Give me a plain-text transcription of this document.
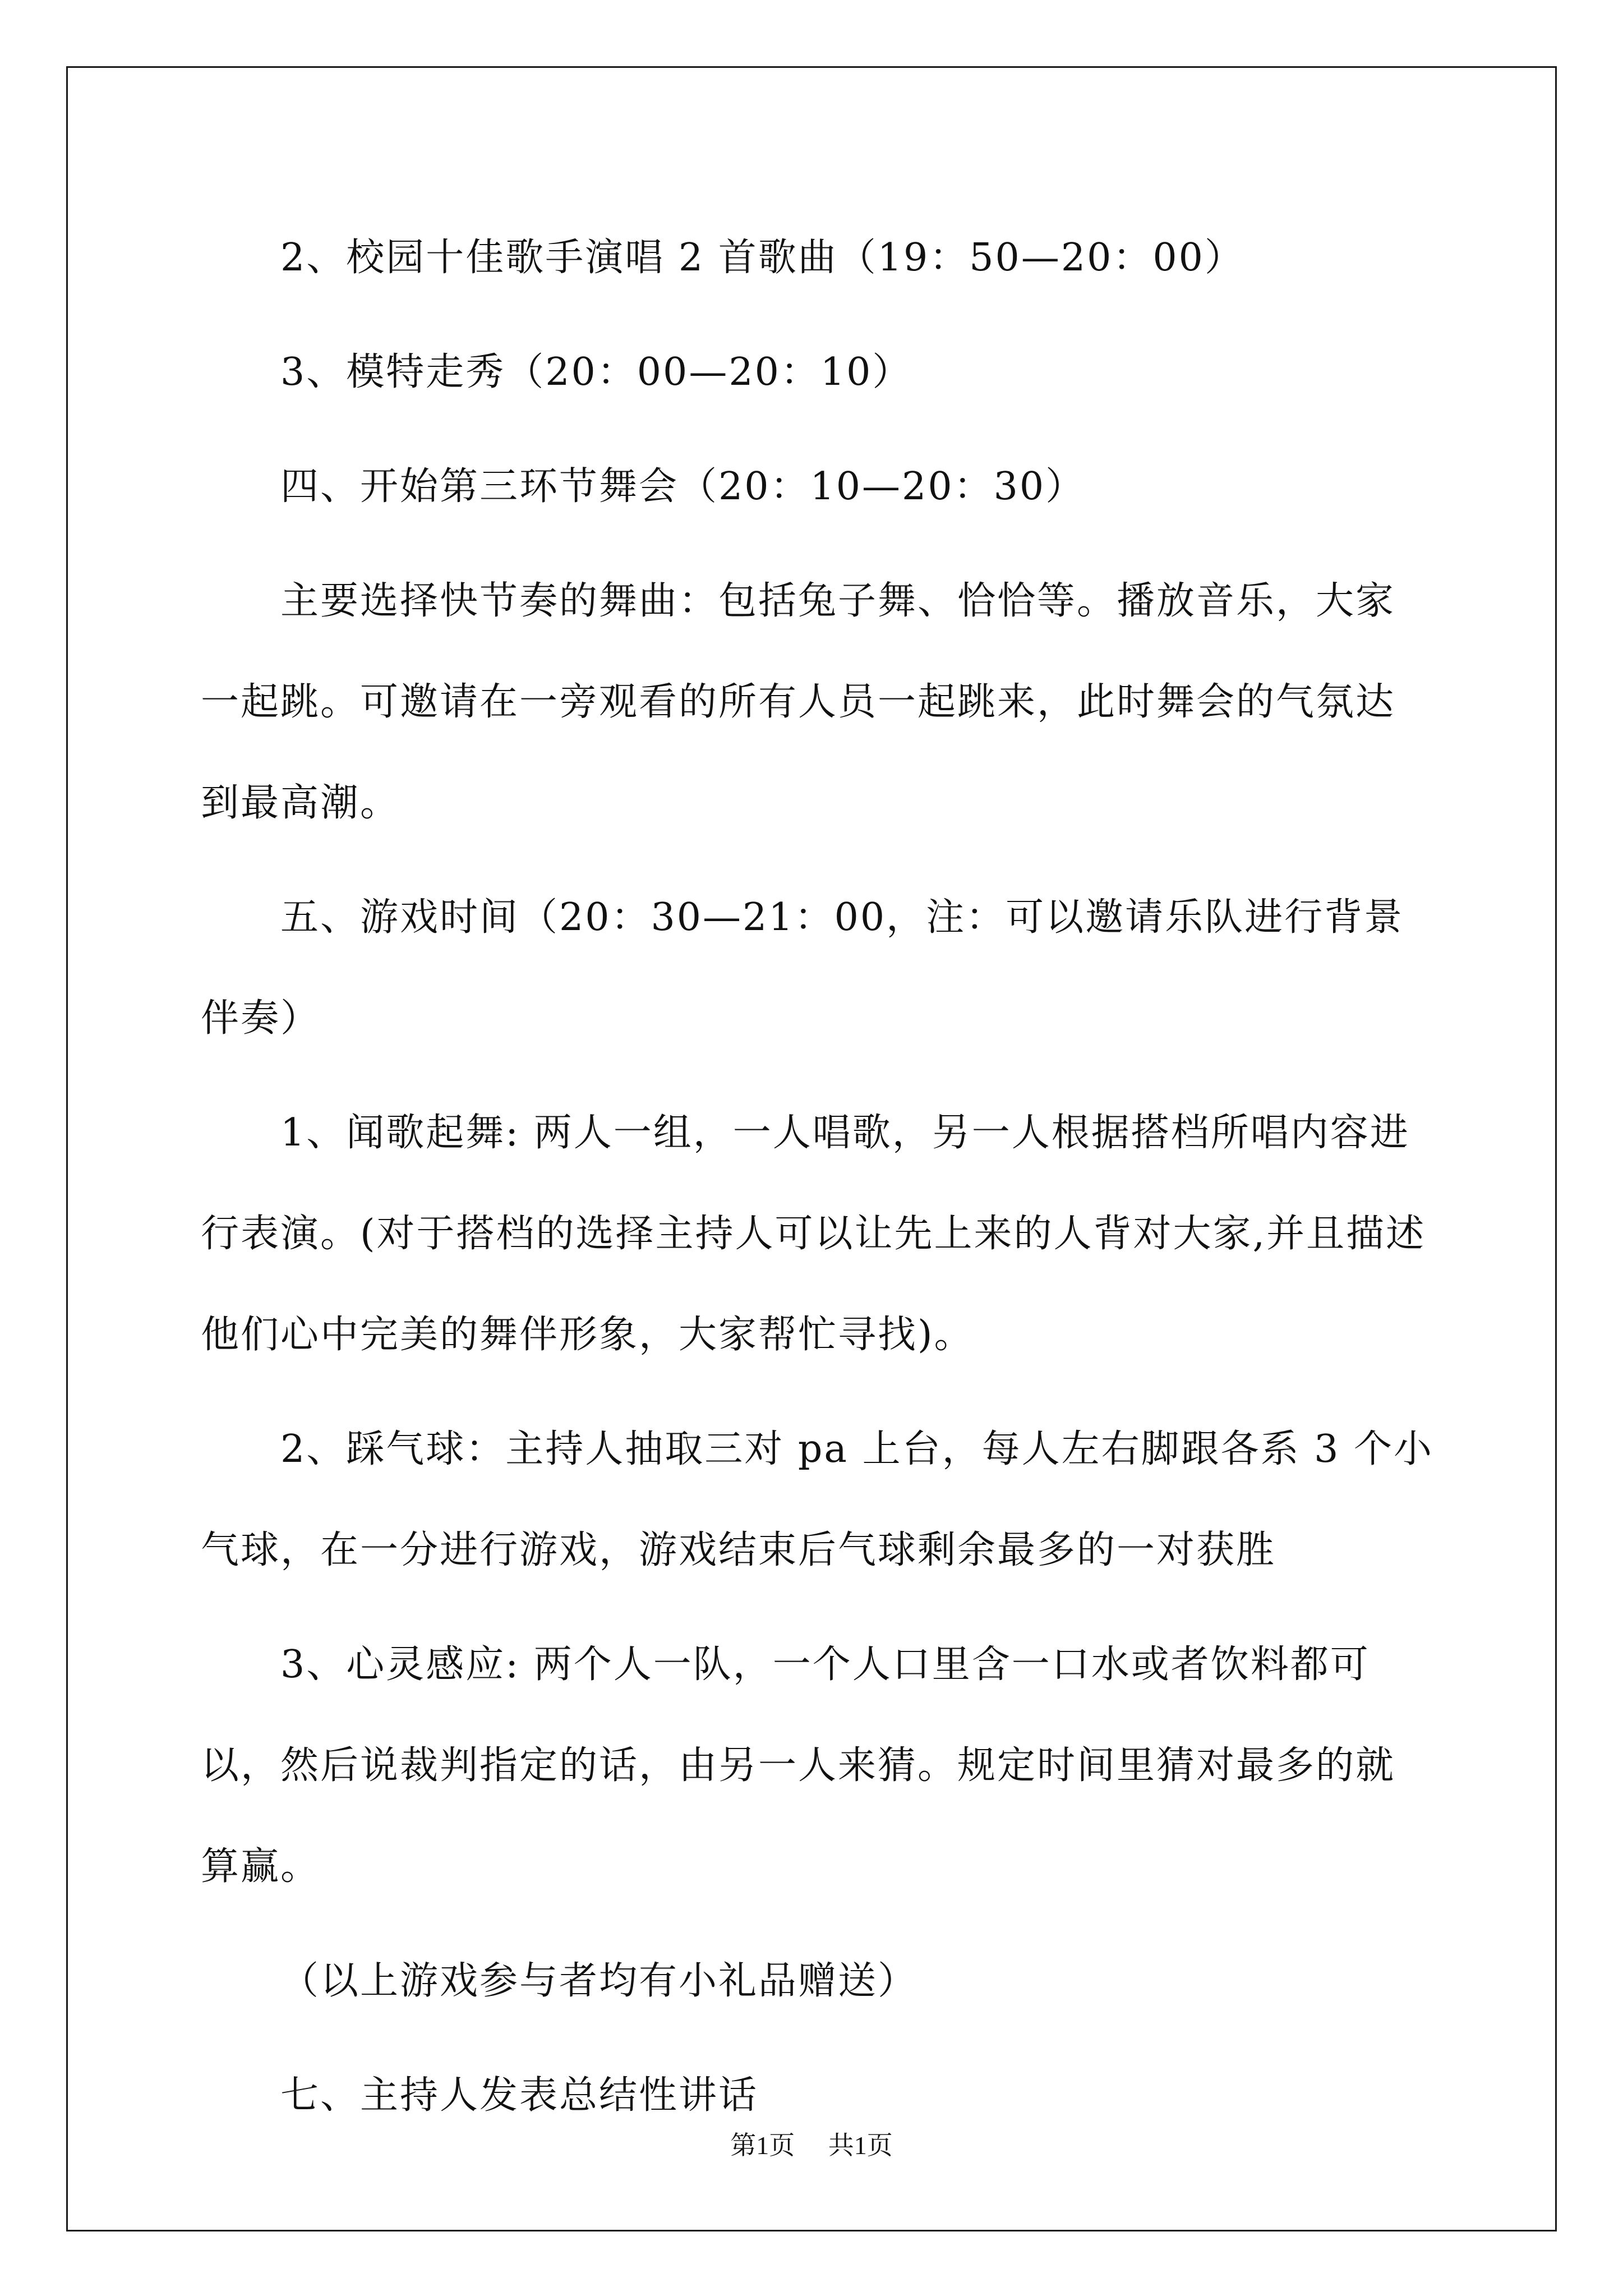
2、校园十佳歌手演唱 2 首歌曲（19：50—20：00）

3、模特走秀（20：00—20：10）

四、开始第三环节舞会（20：10—20：30）

主要选择快节奏的舞曲：包括兔子舞、恰恰等。播放音乐，大家一起跳。可邀请在一旁观看的所有人员一起跳来，此时舞会的气氛达到最高潮。

五、游戏时间（20：30—21：00，注：可以邀请乐队进行背景伴奏）

1、闻歌起舞: 两人一组，一人唱歌，另一人根据搭档所唱内容进行表演。(对于搭档的选择主持人可以让先上来的人背对大家,并且描述他们心中完美的舞伴形象，大家帮忙寻找)。

2、踩气球：主持人抽取三对 pa 上台，每人左右脚跟各系 3 个小气球，在一分进行游戏，游戏结束后气球剩余最多的一对获胜

3、心灵感应: 两个人一队，一个人口里含一口水或者饮料都可以，然后说裁判指定的话，由另一人来猜。规定时间里猜对最多的就算赢。

（以上游戏参与者均有小礼品赠送）

七、主持人发表总结性讲话

第1页 共1页
